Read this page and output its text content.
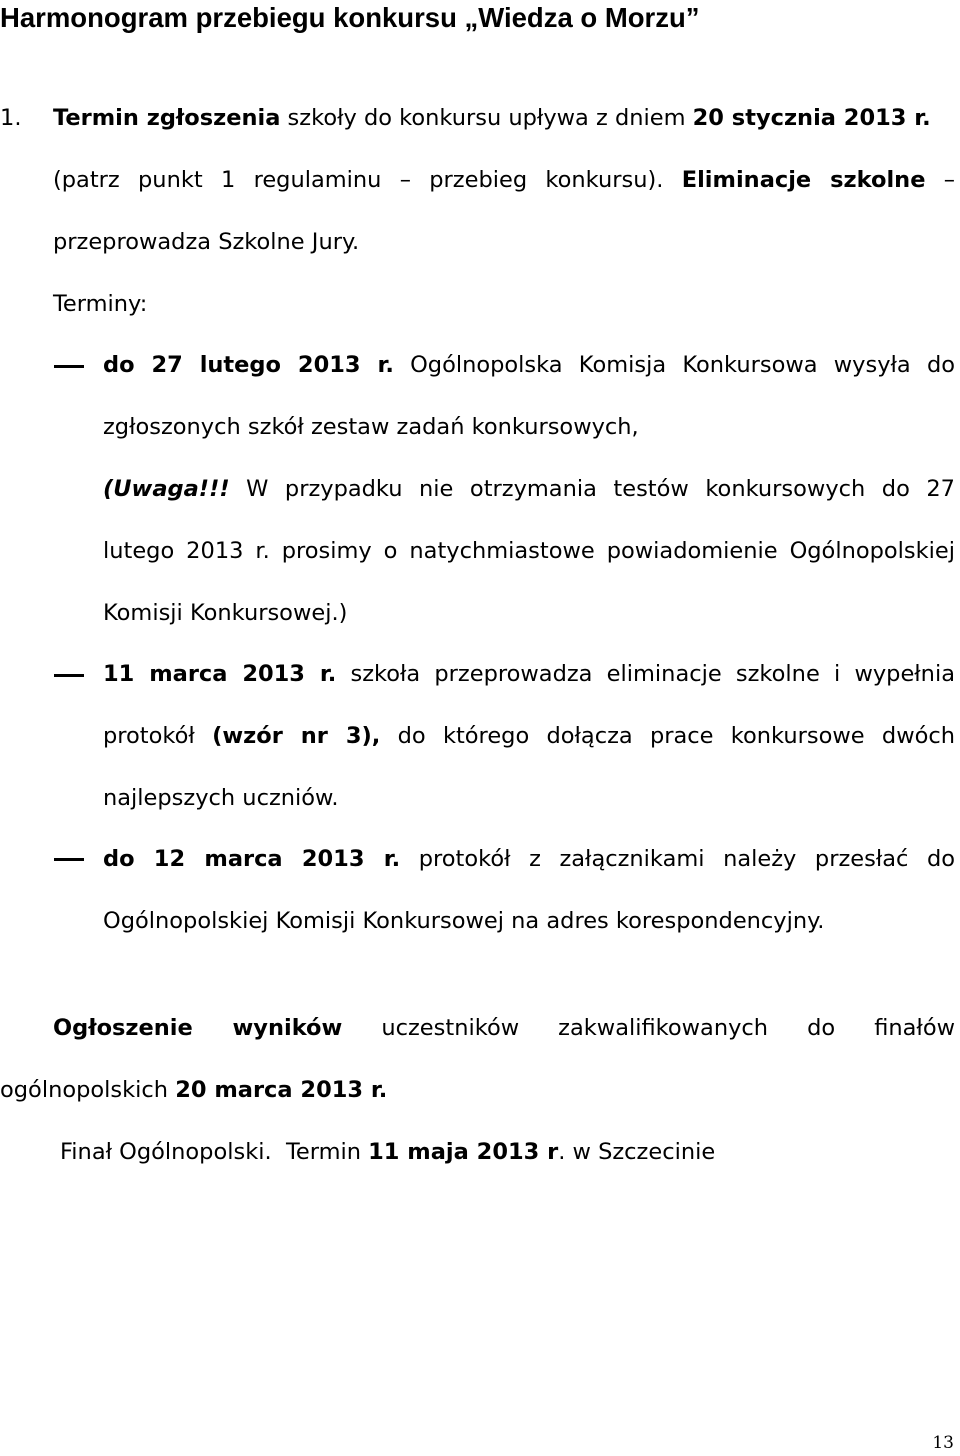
Harmonogram przebiegu konkursu „Wiedza o Morzu”
1. Termin zgłoszenia szkoły do konkursu upływa z dniem 20 stycznia 2013 r.
(patrz punkt 1 regulaminu – przebieg konkursu). Eliminacje szkolne –
przeprowadza Szkolne Jury.
Terminy:
do 27 lutego 2013 r. Ogólnopolska Komisja Konkursowa wysyła do
zgłoszonych szkół zestaw zadań konkursowych,
(Uwaga!!! W przypadku nie otrzymania testów konkursowych do 27
lutego 2013 r. prosimy o natychmiastowe powiadomienie Ogólnopolskiej
Komisji Konkursowej.)
11 marca 2013 r. szkoła przeprowadza eliminacje szkolne i wypełnia
protokół (wzór nr 3), do którego dołącza prace konkursowe dwóch
najlepszych uczniów.
do 12 marca 2013 r. protokół z załącznikami należy przesłać do
Ogólnopolskiej Komisji Konkursowej na adres korespondencyjny.
Ogłoszenie wyników uczestników zakwalifikowanych do finałów
ogólnopolskich 20 marca 2013 r.
Finał Ogólnopolski.  Termin 11 maja 2013 r. w Szczecinie
13
